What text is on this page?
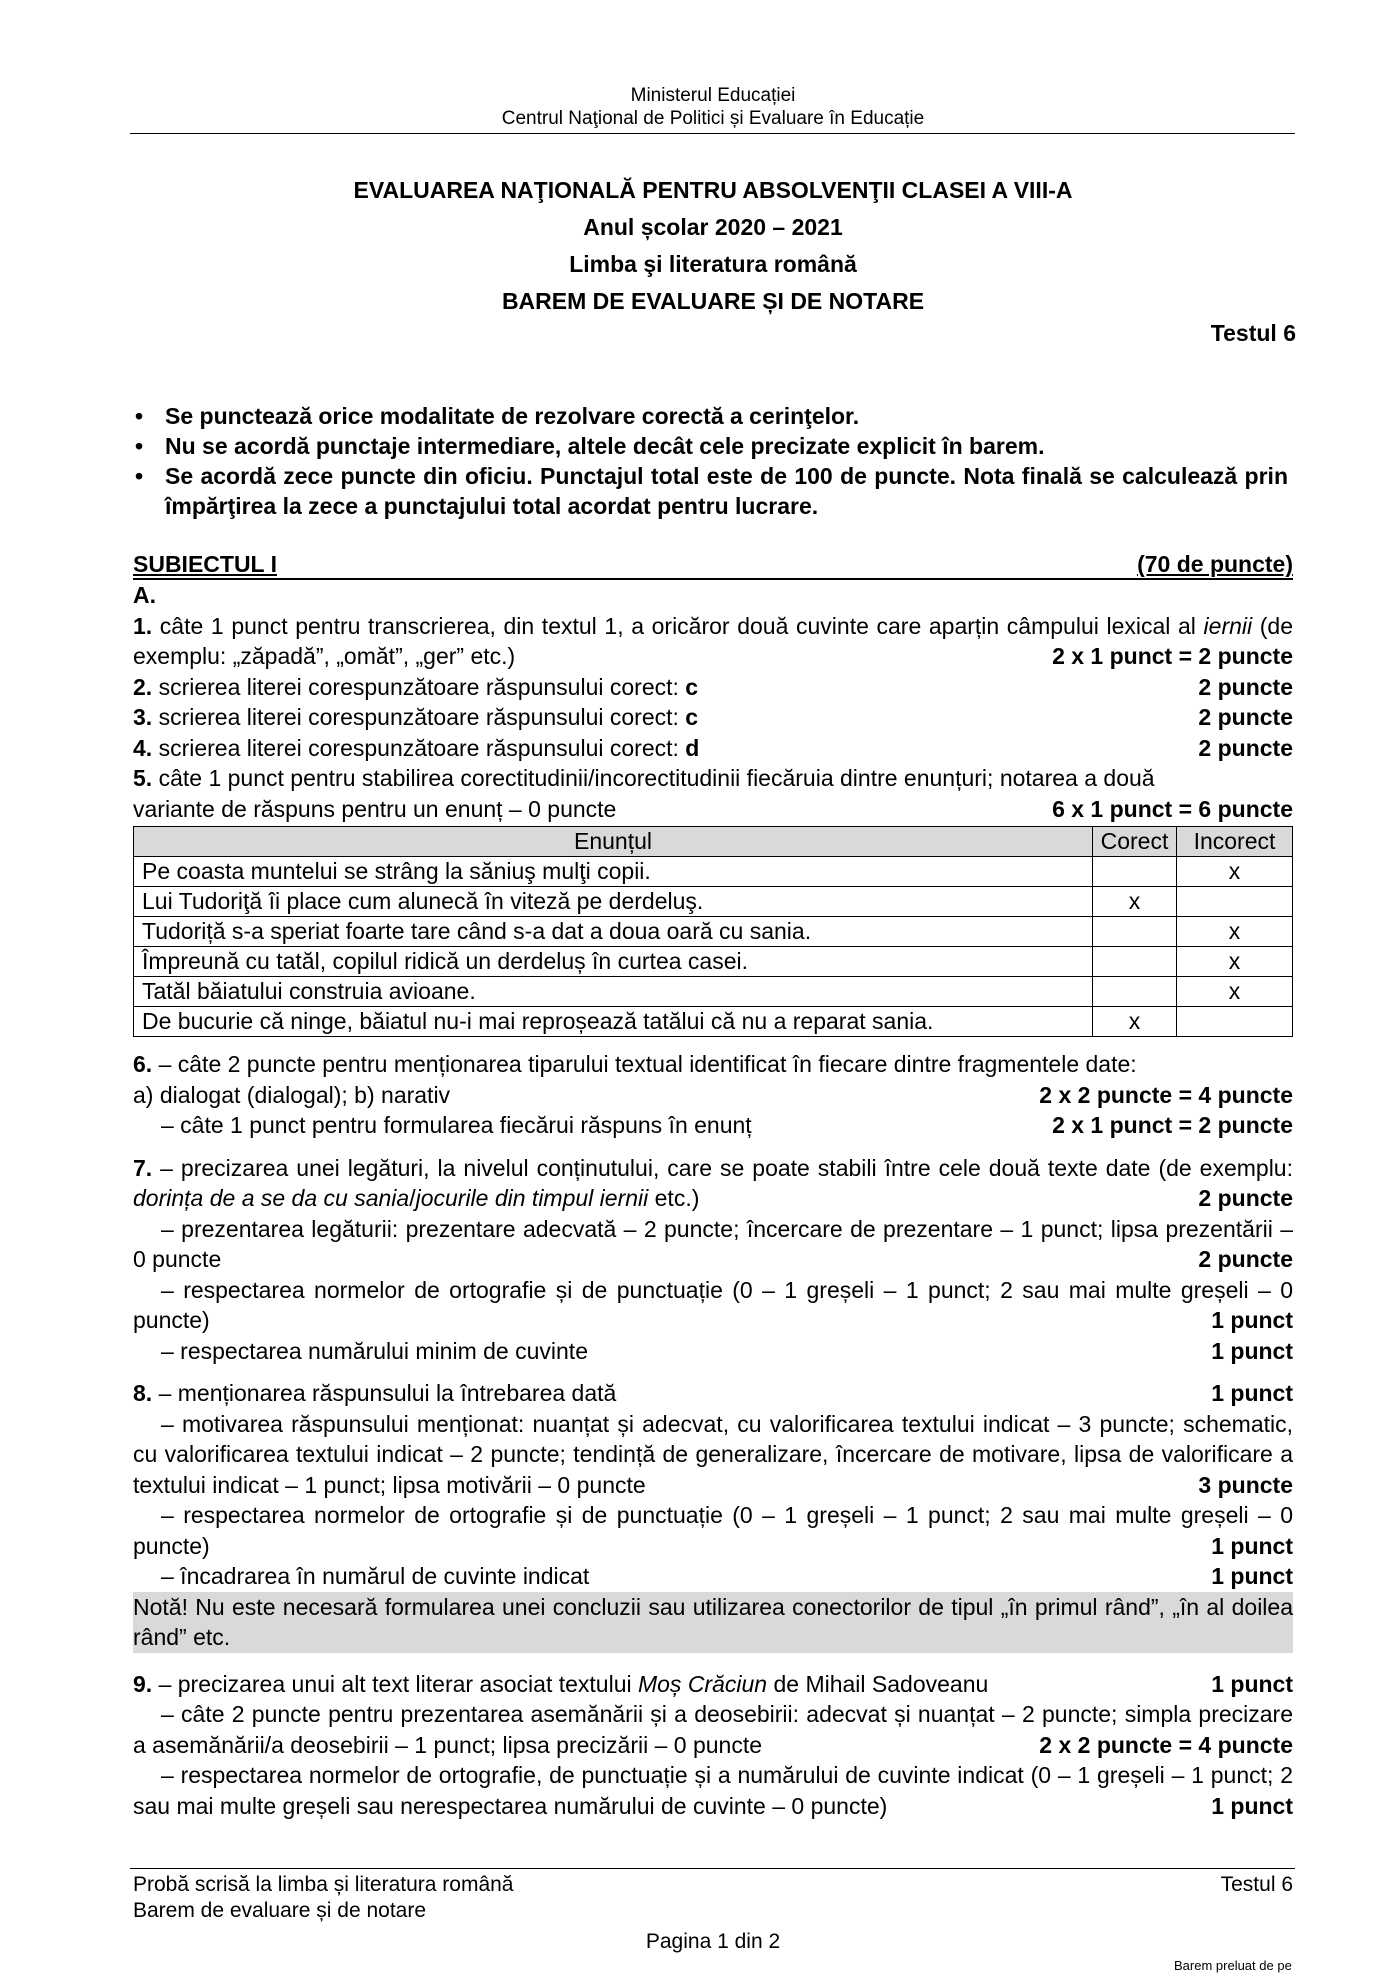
Ministerul Educației
Centrul Naţional de Politici și Evaluare în Educație
EVALUAREA NAŢIONALĂ PENTRU ABSOLVENŢII CLASEI A VIII-A
Anul școlar 2020 – 2021
Limba şi literatura română
BAREM DE EVALUARE ȘI DE NOTARE
Testul 6
• Se punctează orice modalitate de rezolvare corectă a cerinţelor.
• Nu se acordă punctaje intermediare, altele decât cele precizate explicit în barem.
• Se acordă zece puncte din oficiu. Punctajul total este de 100 de puncte. Nota finală se calculează prin împărţirea la zece a punctajului total acordat pentru lucrare.
SUBIECTUL I	(70 de puncte)
A.
1. câte 1 punct pentru transcrierea, din textul 1, a oricăror două cuvinte care aparțin câmpului lexical al iernii (de exemplu: „zăpadă”, „omăt”, „ger” etc.)	2 x 1 punct = 2 puncte
2. scrierea literei corespunzătoare răspunsului corect: c	2 puncte
3. scrierea literei corespunzătoare răspunsului corect: c	2 puncte
4. scrierea literei corespunzătoare răspunsului corect: d	2 puncte
5. câte 1 punct pentru stabilirea corectitudinii/incorectitudinii fiecăruia dintre enunțuri; notarea a două
variante de răspuns pentru un enunț – 0 puncte	6 x 1 punct = 6 puncte
Enunțul	Corect	Incorect
Pe coasta muntelui se strâng la săniuş mulţi copii.		x
Lui Tudoriţă îi place cum alunecă în viteză pe derdeluş.	x	
Tudoriță s-a speriat foarte tare când s-a dat a doua oară cu sania.		x
Împreună cu tatăl, copilul ridică un derdeluș în curtea casei.		x
Tatăl băiatului construia avioane.		x
De bucurie că ninge, băiatul nu-i mai reproșează tatălui că nu a reparat sania.	x	
6. – câte 2 puncte pentru menționarea tiparului textual identificat în fiecare dintre fragmentele date:
a) dialogat (dialogal); b) narativ	2 x 2 puncte = 4 puncte
– câte 1 punct pentru formularea fiecărui răspuns în enunț	2 x 1 punct = 2 puncte
7. – precizarea unei legături, la nivelul conținutului, care se poate stabili între cele două texte date (de exemplu: dorința de a se da cu sania/jocurile din timpul iernii etc.)	2 puncte
– prezentarea legăturii: prezentare adecvată – 2 puncte; încercare de prezentare – 1 punct; lipsa prezentării – 0 puncte	2 puncte
– respectarea normelor de ortografie și de punctuație (0 – 1 greșeli – 1 punct; 2 sau mai multe greșeli – 0 puncte)	1 punct
– respectarea numărului minim de cuvinte	1 punct
8. – menționarea răspunsului la întrebarea dată	1 punct
– motivarea răspunsului menționat: nuanțat și adecvat, cu valorificarea textului indicat – 3 puncte; schematic, cu valorificarea textului indicat – 2 puncte; tendință de generalizare, încercare de motivare, lipsa de valorificare a textului indicat – 1 punct; lipsa motivării – 0 puncte	3 puncte
– respectarea normelor de ortografie și de punctuație (0 – 1 greșeli – 1 punct; 2 sau mai multe greșeli – 0 puncte)	1 punct
– încadrarea în numărul de cuvinte indicat	1 punct
Notă! Nu este necesară formularea unei concluzii sau utilizarea conectorilor de tipul „în primul rând”, „în al doilea rând” etc.
9. – precizarea unui alt text literar asociat textului Moș Crăciun de Mihail Sadoveanu	1 punct
– câte 2 puncte pentru prezentarea asemănării și a deosebirii: adecvat și nuanțat – 2 puncte; simpla precizare a asemănării/a deosebirii – 1 punct; lipsa precizării – 0 puncte	2 x 2 puncte = 4 puncte
– respectarea normelor de ortografie, de punctuație și a numărului de cuvinte indicat (0 – 1 greșeli – 1 punct; 2 sau mai multe greșeli sau nerespectarea numărului de cuvinte – 0 puncte)	1 punct
Probă scrisă la limba și literatura română	Testul 6
Barem de evaluare și de notare
Pagina 1 din 2
Barem preluat de pe
